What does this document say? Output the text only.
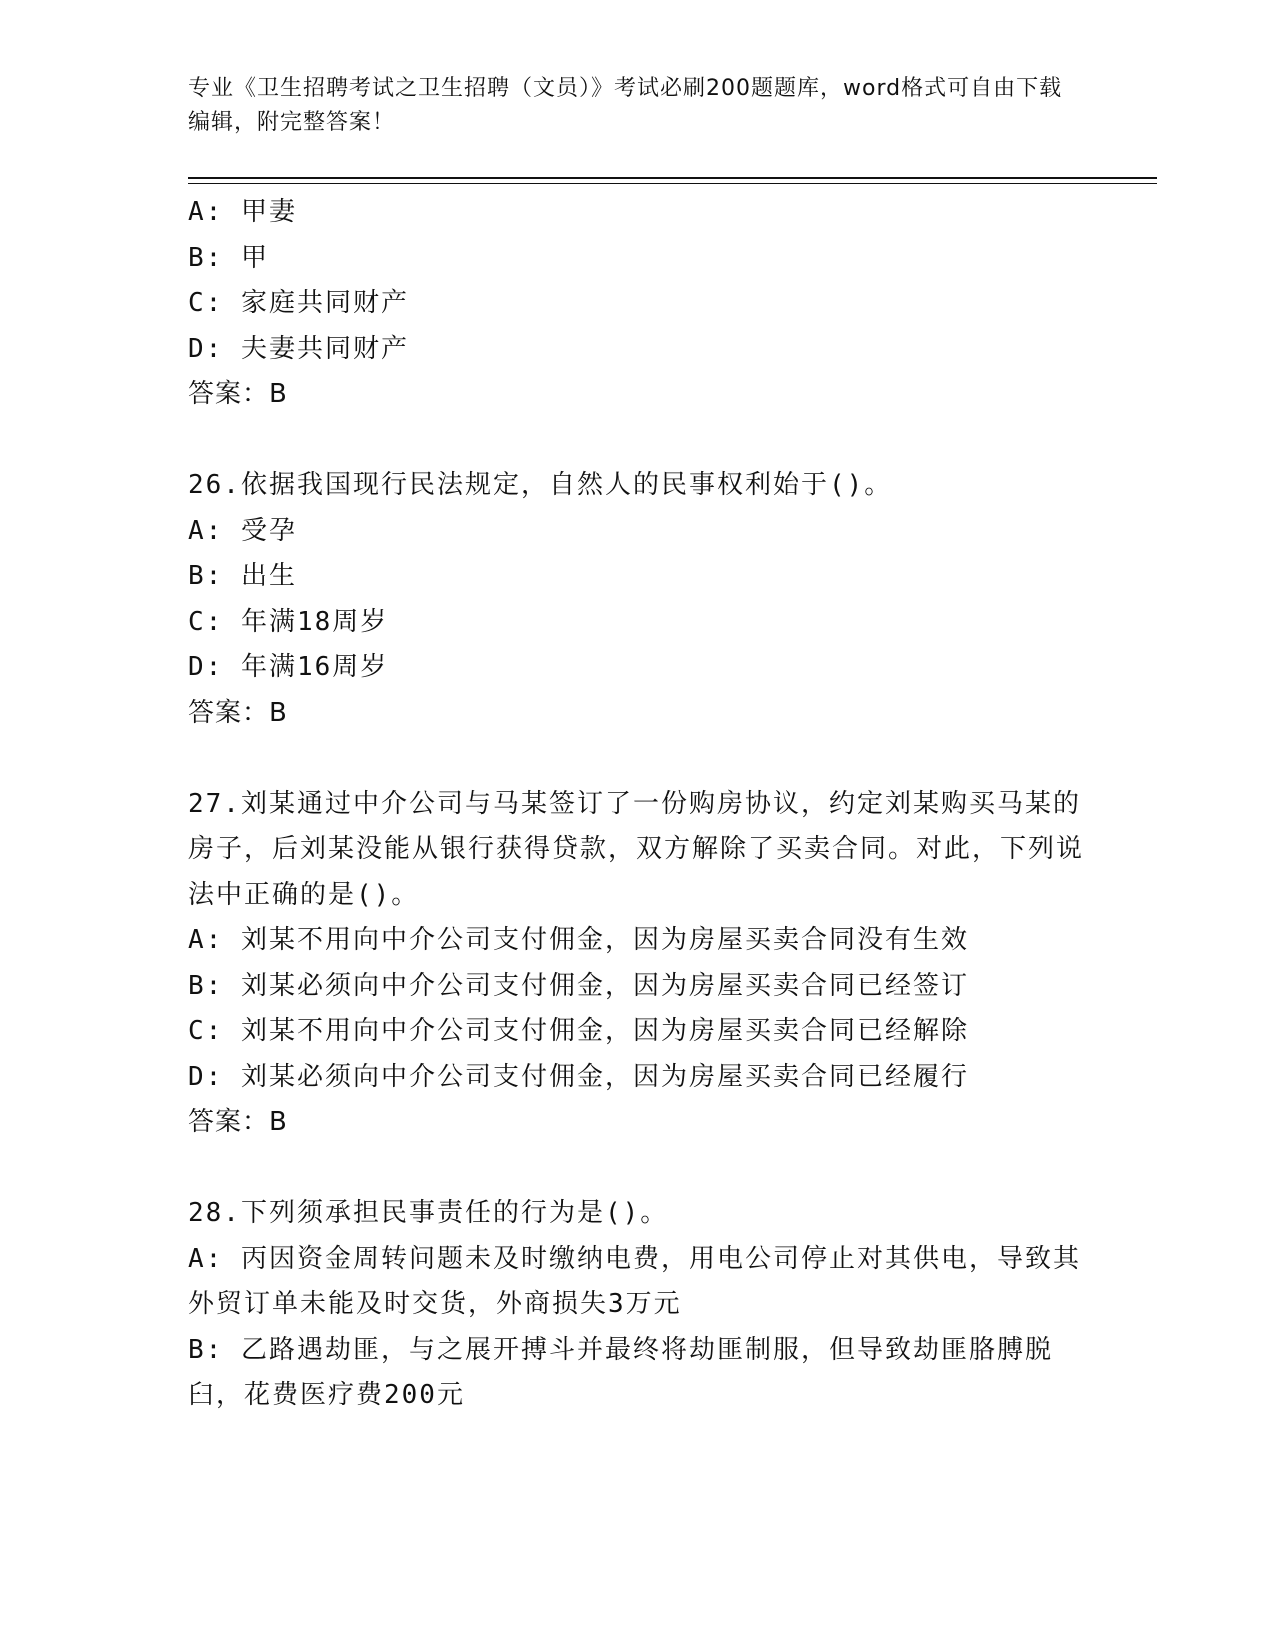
专业《卫生招聘考试之卫生招聘（文员）》考试必刷200题题库，word格式可自由下载编辑，附完整答案！
A: 甲妻
B: 甲
C: 家庭共同财产
D: 夫妻共同财产
答案：B
26.依据我国现行民法规定，自然人的民事权利始于()。
A: 受孕
B: 出生
C: 年满18周岁
D: 年满16周岁
答案：B
27.刘某通过中介公司与马某签订了一份购房协议，约定刘某购买马某的房子，后刘某没能从银行获得贷款，双方解除了买卖合同。对此，下列说法中正确的是()。
A: 刘某不用向中介公司支付佣金，因为房屋买卖合同没有生效
B: 刘某必须向中介公司支付佣金，因为房屋买卖合同已经签订
C: 刘某不用向中介公司支付佣金，因为房屋买卖合同已经解除
D: 刘某必须向中介公司支付佣金，因为房屋买卖合同已经履行
答案：B
28.下列须承担民事责任的行为是()。
A: 丙因资金周转问题未及时缴纳电费，用电公司停止对其供电，导致其外贸订单未能及时交货，外商损失3万元
B: 乙路遇劫匪，与之展开搏斗并最终将劫匪制服，但导致劫匪胳膊脱臼，花费医疗费200元
